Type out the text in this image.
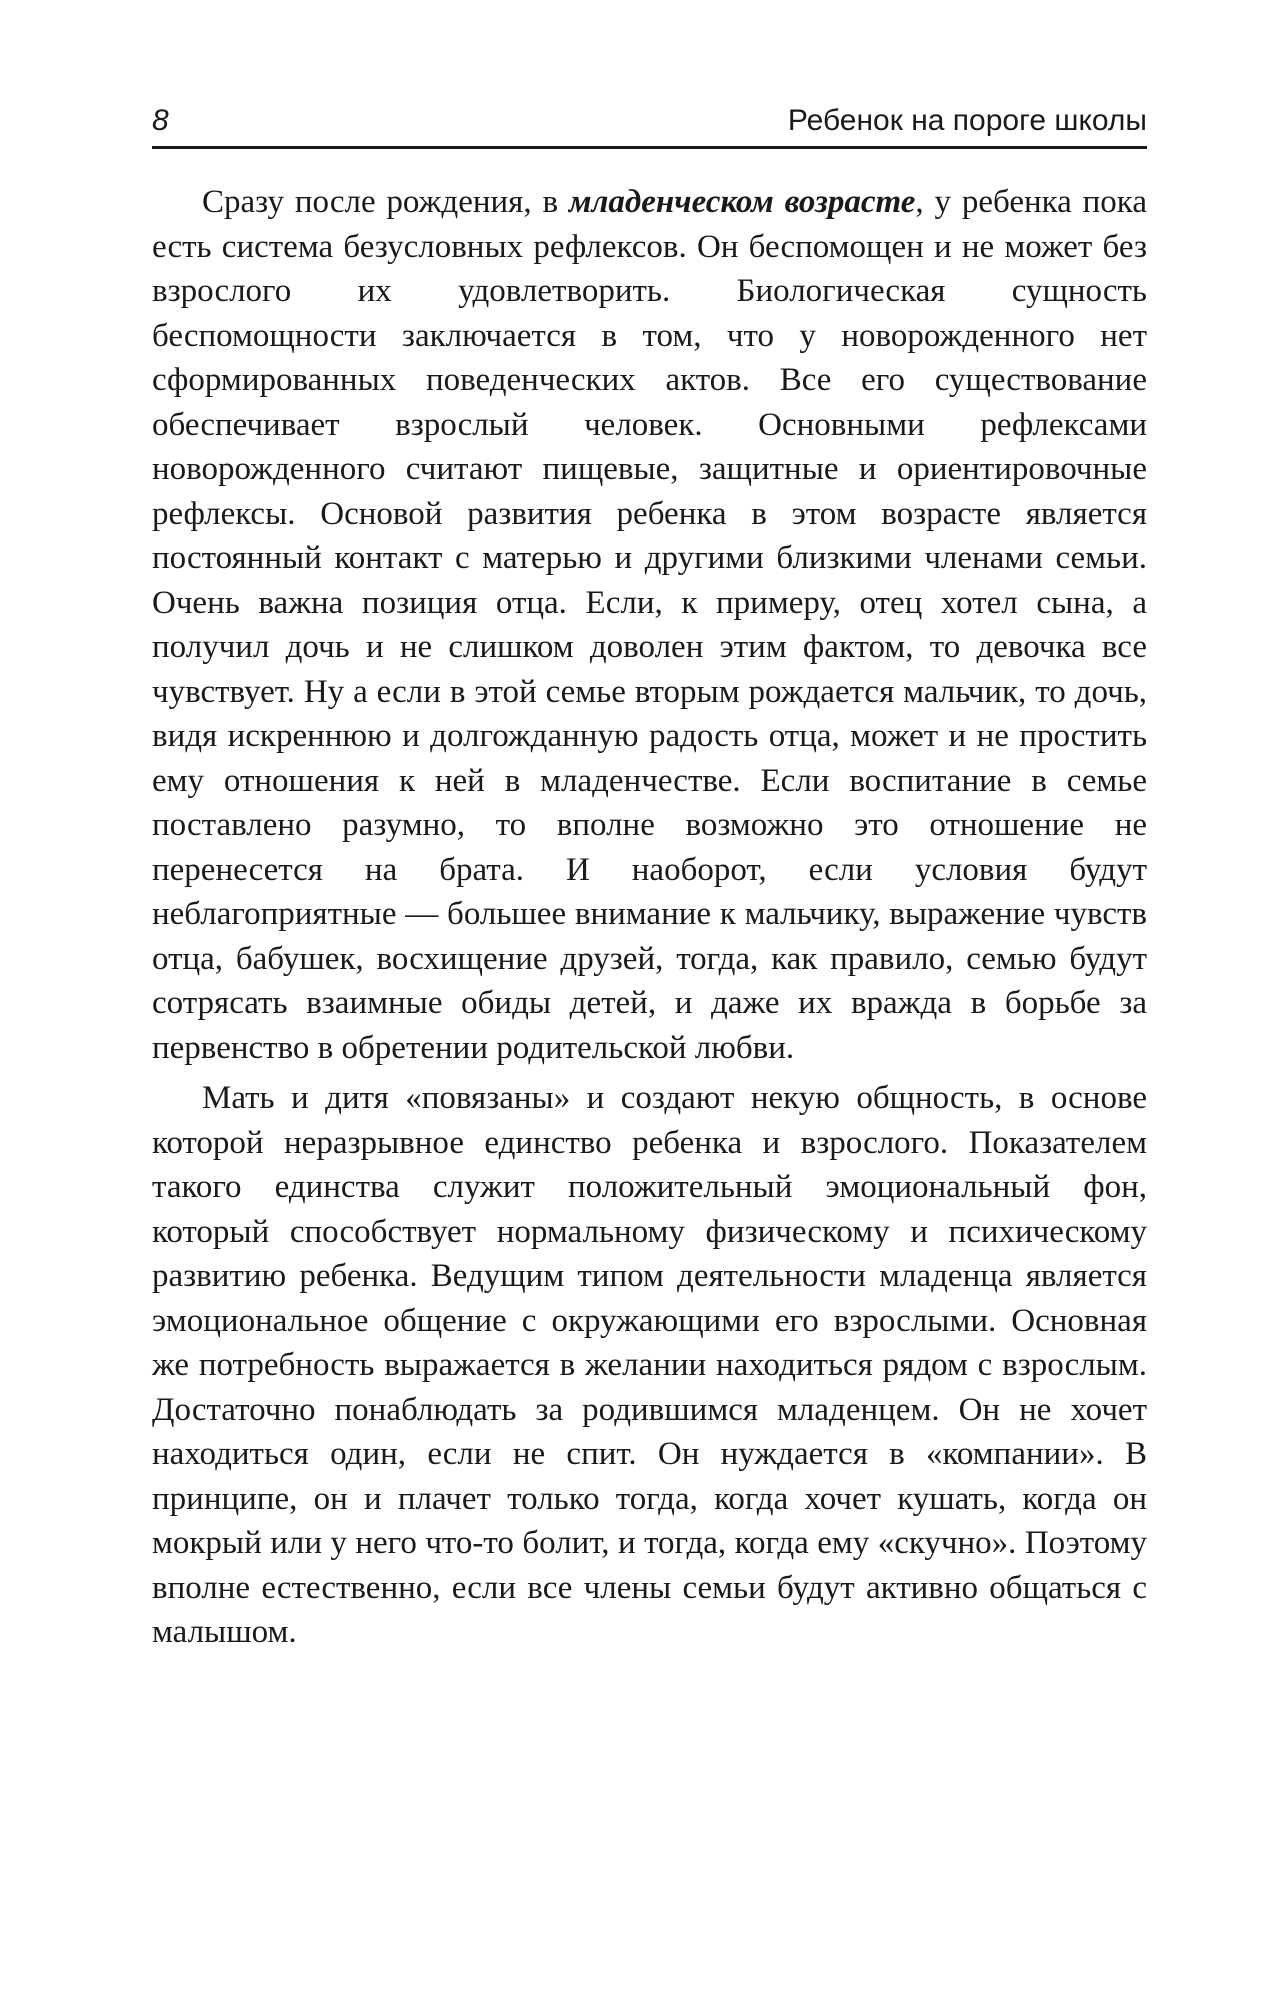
8	Ребенок на пороге школы

Сразу после рождения, в младенческом возрасте, у ребенка пока есть система безусловных рефлексов. Он беспомощен и не может без взрослого их удовлетворить. Биологическая сущность беспомощности заключается в том, что у новорожденного нет сформированных поведенческих актов. Все его существование обеспечивает взрослый человек. Основными рефлексами новорожденного считают пищевые, защитные и ориентировочные рефлексы. Основой развития ребенка в этом возрасте является постоянный контакт с матерью и другими близкими членами семьи. Очень важна позиция отца. Если, к примеру, отец хотел сына, а получил дочь и не слишком доволен этим фактом, то девочка все чувствует. Ну а если в этой семье вторым рождается мальчик, то дочь, видя искреннюю и долгожданную радость отца, может и не простить ему отношения к ней в младенчестве. Если воспитание в семье поставлено разумно, то вполне возможно это отношение не перенесется на брата. И наоборот, если условия будут неблагоприятные — большее внимание к мальчику, выражение чувств отца, бабушек, восхищение друзей, тогда, как правило, семью будут сотрясать взаимные обиды детей, и даже их вражда в борьбе за первенство в обретении родительской любви.

Мать и дитя «повязаны» и создают некую общность, в основе которой неразрывное единство ребенка и взрослого. Показателем такого единства служит положительный эмоциональный фон, который способствует нормальному физическому и психическому развитию ребенка. Ведущим типом деятельности младенца является эмоциональное общение с окружающими его взрослыми. Основная же потребность выражается в желании находиться рядом с взрослым. Достаточно понаблюдать за родившимся младенцем. Он не хочет находиться один, если не спит. Он нуждается в «компании». В принципе, он и плачет только тогда, когда хочет кушать, когда он мокрый или у него что-то болит, и тогда, когда ему «скучно». Поэтому вполне естественно, если все члены семьи будут активно общаться с малышом.
